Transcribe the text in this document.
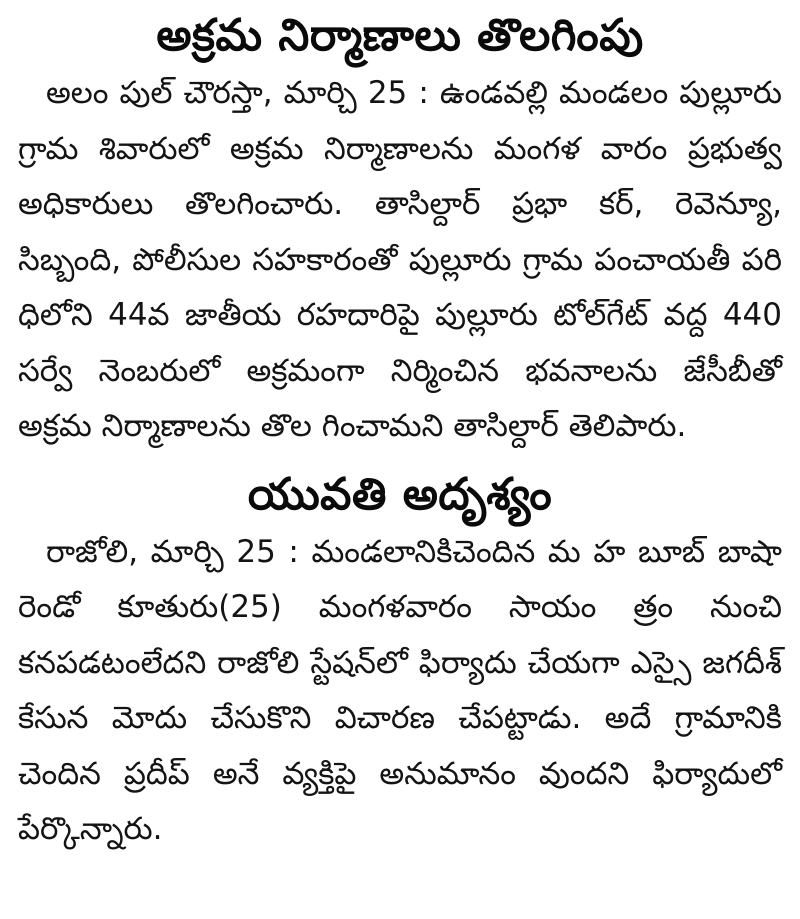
అక్రమ నిర్మాణాలు తొలగింపు

అలం పుల్ చౌరస్తా, మార్చి 25 : ఉండవల్లి మండలం పుల్లూరు గ్రామ శివారులో అక్రమ నిర్మాణాలను మంగళ వారం ప్రభుత్వ అధికారులు తొలగించారు. తాసిల్దార్ ప్రభా కర్, రెవెన్యూ, సిబ్బంది, పోలీసుల సహకారంతో పుల్లూరు గ్రామ పంచాయతీ పరి ధిలోని 44వ జాతీయ రహదారిపై పుల్లూరు టోల్‌గేట్ వద్ద 440 సర్వే నెంబరులో అక్రమంగా నిర్మించిన భవనాలను జేసీబీతో అక్రమ నిర్మాణాలను తొల గించామని తాసిల్దార్ తెలిపారు.

యువతి అదృశ్యం

రాజోలి, మార్చి 25 : మండలానికిచెందిన మ హ బూబ్ బాషా రెండో కూతురు(25) మంగళవారం సాయం త్రం నుంచి కనపడటంలేదని రాజోలి స్టేషన్‌లో ఫిర్యాదు చేయగా ఎస్సై జగదీశ్ కేసున మోదు చేసుకొని విచారణ చేపట్టాడు. అదే గ్రామానికి చెందిన ప్రదీప్ అనే వ్యక్తిపై అనుమానం వుందని ఫిర్యాదులో పేర్కొన్నారు.
